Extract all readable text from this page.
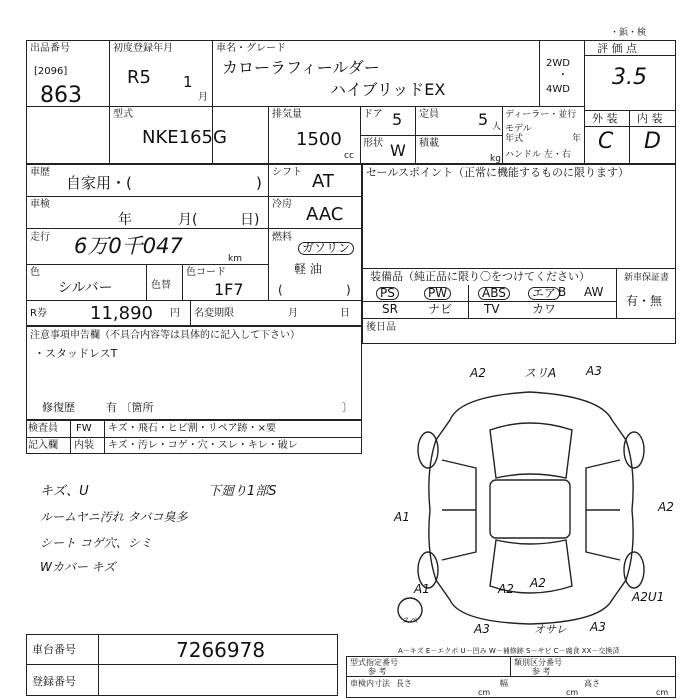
・鋲・検
出品番号
[2096]
863
初度登録年月
R5 1
月
車名・グレード
カローラフィールダー
ハイブリッドEX
2WD
・
4WD
評 価 点
3.5
型式
NKE165G
排気量
1500
cc
ドア 5
形状 W
定員 5 人
積載
kg
ディーラー・並行
モデル
年式	年
ハンドル 左・右
外 装 内 装
C D
車歴
自家用・(	)
シフト AT
車検
年	月(	日)
冷房 AAC
走行 6万0千047
km
燃料
ガソリン
軽 油
(	)
色
シルバー	色替
色コード
1F7
R券 11,890 円 名変期限	月	日
セールスポイント（正常に機能するものに限ります）
装備品（純正品に限り〇をつけてください）	新車保証書
有・無
PS	PW	ABS	エア B AW
SR	ナビ	TV	カワ
後日品
注意事項申告欄（不具合内容等は具体的に記入して下さい）
・スタッドレスT
修復歴	有 〔箇所	〕
検査員 FW キズ・飛石・ヒビ割・リペア跡・×要
記入欄 内装 キズ・汚レ・コゲ・穴・スレ・キレ・破レ
キズ、U
ルームヤニ汚れ タバコ臭多
シート コゲ穴、シミ
Wカバー キズ
下廻り1部S
A2	スリA A3
A1
A2
A1	A2
A2U1
A3	オサレ A3
A2
スペ
A－キズ E－エクボ U－凹み W－補修跡 S－サビ C－腐食 XX－交換済
車台番号	7266978
登録番号
型式指定番号
参 考
類別区分番号
参 考
車検内寸法 長さ
cm
幅
cm
高さ
cm
